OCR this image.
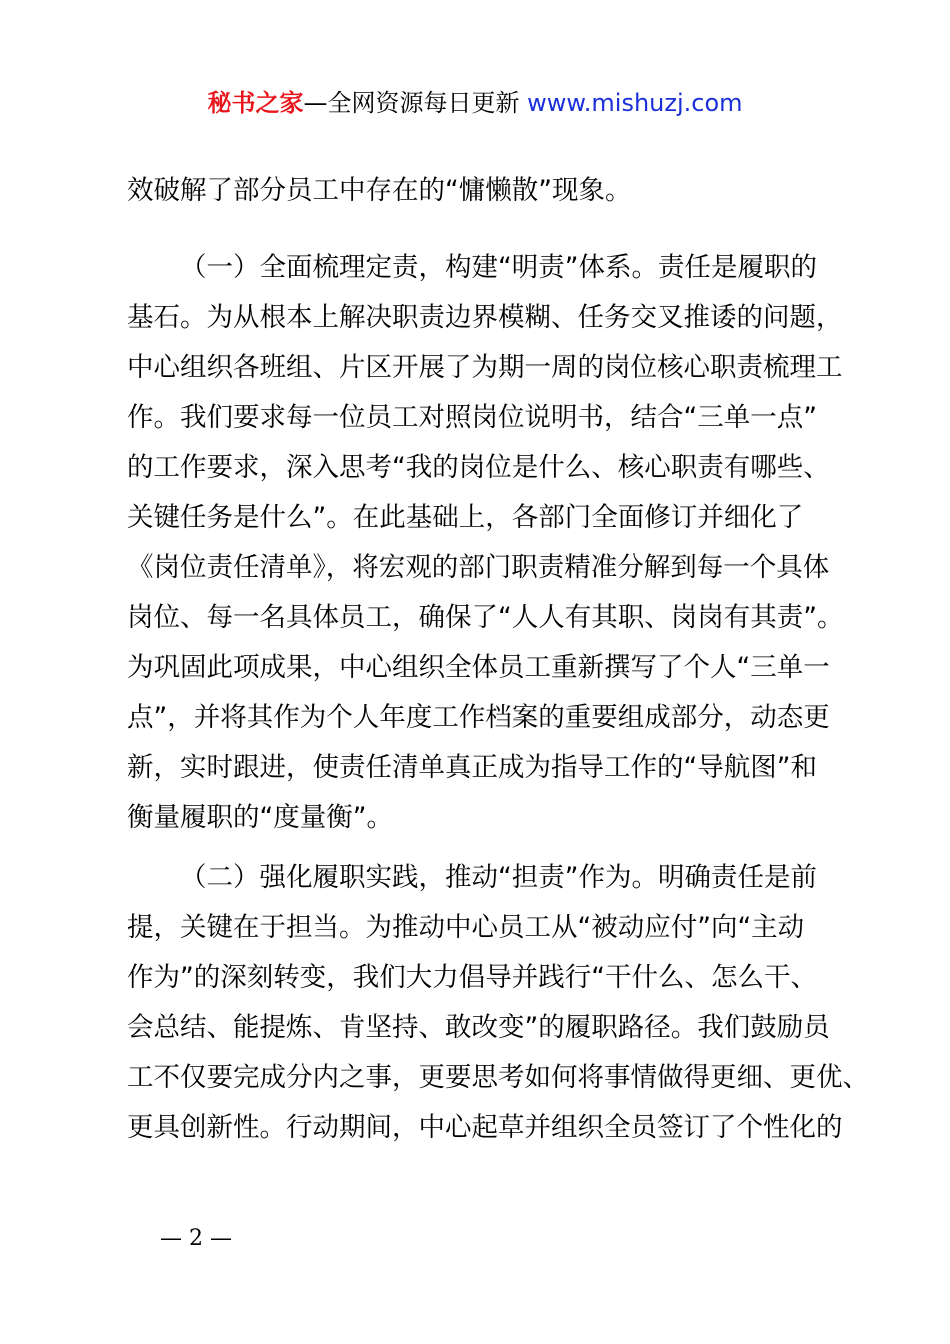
秘书之家—全网资源每日更新 www.mishuzj.com
效破解了部分员工中存在的“慵懒散”现象。
（一）全面梳理定责，构建“明责”体系。责任是履职的
基石。为从根本上解决职责边界模糊、任务交叉推诿的问题，
中心组织各班组、片区开展了为期一周的岗位核心职责梳理工
作。我们要求每一位员工对照岗位说明书，结合“三单一点”
的工作要求，深入思考“我的岗位是什么、核心职责有哪些、
关键任务是什么”。在此基础上，各部门全面修订并细化了
《岗位责任清单》，将宏观的部门职责精准分解到每一个具体
岗位、每一名具体员工，确保了“人人有其职、岗岗有其责”。
为巩固此项成果，中心组织全体员工重新撰写了个人“三单一
点”，并将其作为个人年度工作档案的重要组成部分，动态更
新，实时跟进，使责任清单真正成为指导工作的“导航图”和
衡量履职的“度量衡”。
（二）强化履职实践，推动“担责”作为。明确责任是前
提，关键在于担当。为推动中心员工从“被动应付”向“主动
作为”的深刻转变，我们大力倡导并践行“干什么、怎么干、
会总结、能提炼、肯坚持、敢改变”的履职路径。我们鼓励员
工不仅要完成分内之事，更要思考如何将事情做得更细、更优、
更具创新性。行动期间，中心起草并组织全员签订了个性化的
— 2 —
